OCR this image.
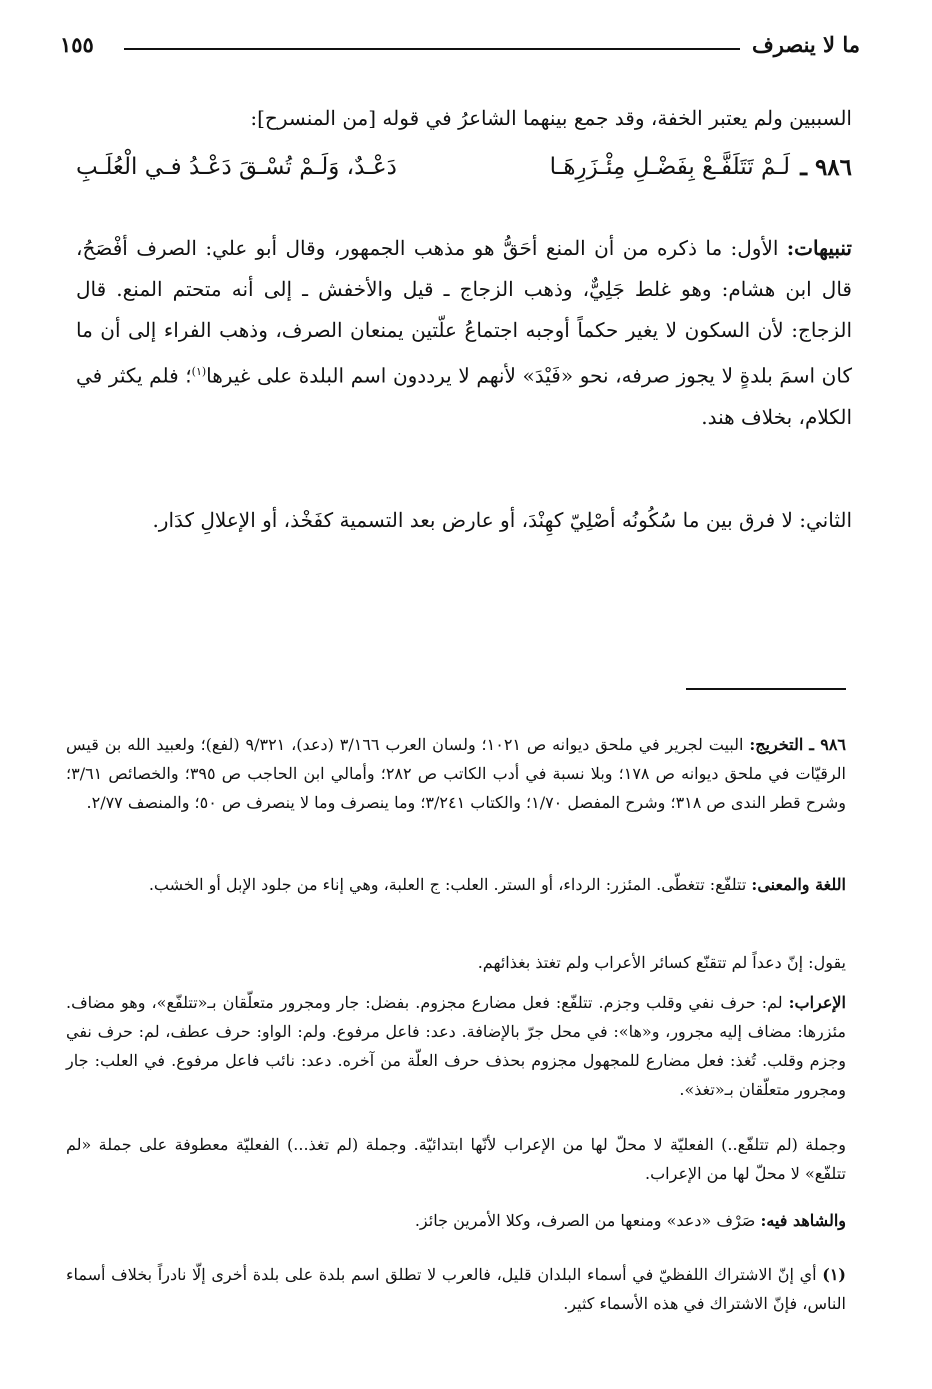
ما لا ينصرف
١٥٥

السببين ولم يعتبر الخفة، وقد جمع بينهما الشاعرُ في قوله [من المنسرح]:

٩٨٦ ـ
لَـمْ تَتَلَفَّـعْ بِفَضْـلِ مِئْـزَرِهَـا
دَعْـدٌ، وَلَـمْ تُسْـقَ دَعْـدُ فـي الْعُلَـبِ
تنبيهات: الأول: ما ذكره من أن المنع أحَقُّ هو مذهب الجمهور، وقال أبو علي: الصرف أفْصَحُ، قال ابن هشام: وهو غلط جَلِيٌّ، وذهب الزجاج ـ قيل والأخفش ـ إلى أنه متحتم المنع. قال الزجاج: لأن السكون لا يغير حكماً أوجبه اجتماعُ علّتين يمنعان الصرف، وذهب الفراء إلى أن ما كان اسمَ بلدةٍ لا يجوز صرفه، نحو «فَيْدَ» لأنهم لا يرددون اسم البلدة على غيرها$^{(١)}$؛ فلم يكثر في الكلام، بخلاف هند.
الثاني: لا فرق بين ما سُكُونُه أصْلِيّ كهِنْدَ، أو عارض بعد التسمية كفَخْذ، أو الإعلالِ كدَار.
٩٨٦ ـ التخريج: البيت لجرير في ملحق ديوانه ص ١٠٢١؛ ولسان العرب ٣/١٦٦ (دعد)، ٩/٣٢١ (لفع)؛ ولعبيد الله بن قيس الرقيّات في ملحق ديوانه ص ١٧٨؛ وبلا نسبة في أدب الكاتب ص ٢٨٢؛ وأمالي ابن الحاجب ص ٣٩٥؛ والخصائص ٣/٦١؛ وشرح قطر الندى ص ٣١٨؛ وشرح المفصل ١/٧٠؛ والكتاب ٣/٢٤١؛ وما ينصرف وما لا ينصرف ص ٥٠؛ والمنصف ٢/٧٧.
اللغة والمعنى: تتلفّع: تتغطّى. المئزر: الرداء، أو الستر. العلب: ج العلبة، وهي إناء من جلود الإبل أو الخشب.
يقول: إنّ دعداً لم تتقنّع كسائر الأعراب ولم تغتذ بغذائهم.
الإعراب: لم: حرف نفي وقلب وجزم. تتلفّع: فعل مضارع مجزوم. بفضل: جار ومجرور متعلّقان بـ«تتلفّع»، وهو مضاف. مئزرها: مضاف إليه مجرور، و«ها»: في محل جرّ بالإضافة. دعد: فاعل مرفوع. ولم: الواو: حرف عطف، لم: حرف نفي وجزم وقلب. تُغذ: فعل مضارع للمجهول مجزوم بحذف حرف العلّة من آخره. دعد: نائب فاعل مرفوع. في العلب: جار ومجرور متعلّقان بـ«تغذ».
وجملة (لم تتلفّع..) الفعليّة لا محلّ لها من الإعراب لأنّها ابتدائيّة. وجملة (لم تغذ...) الفعليّة معطوفة على جملة «لم تتلفّع» لا محلّ لها من الإعراب.
والشاهد فيه: صَرْف «دعد» ومنعها من الصرف، وكلا الأمرين جائز.
(١) أي إنّ الاشتراك اللفظيّ في أسماء البلدان قليل، فالعرب لا تطلق اسم بلدة على بلدة أخرى إلّا نادراً بخلاف أسماء الناس، فإنّ الاشتراك في هذه الأسماء كثير.
